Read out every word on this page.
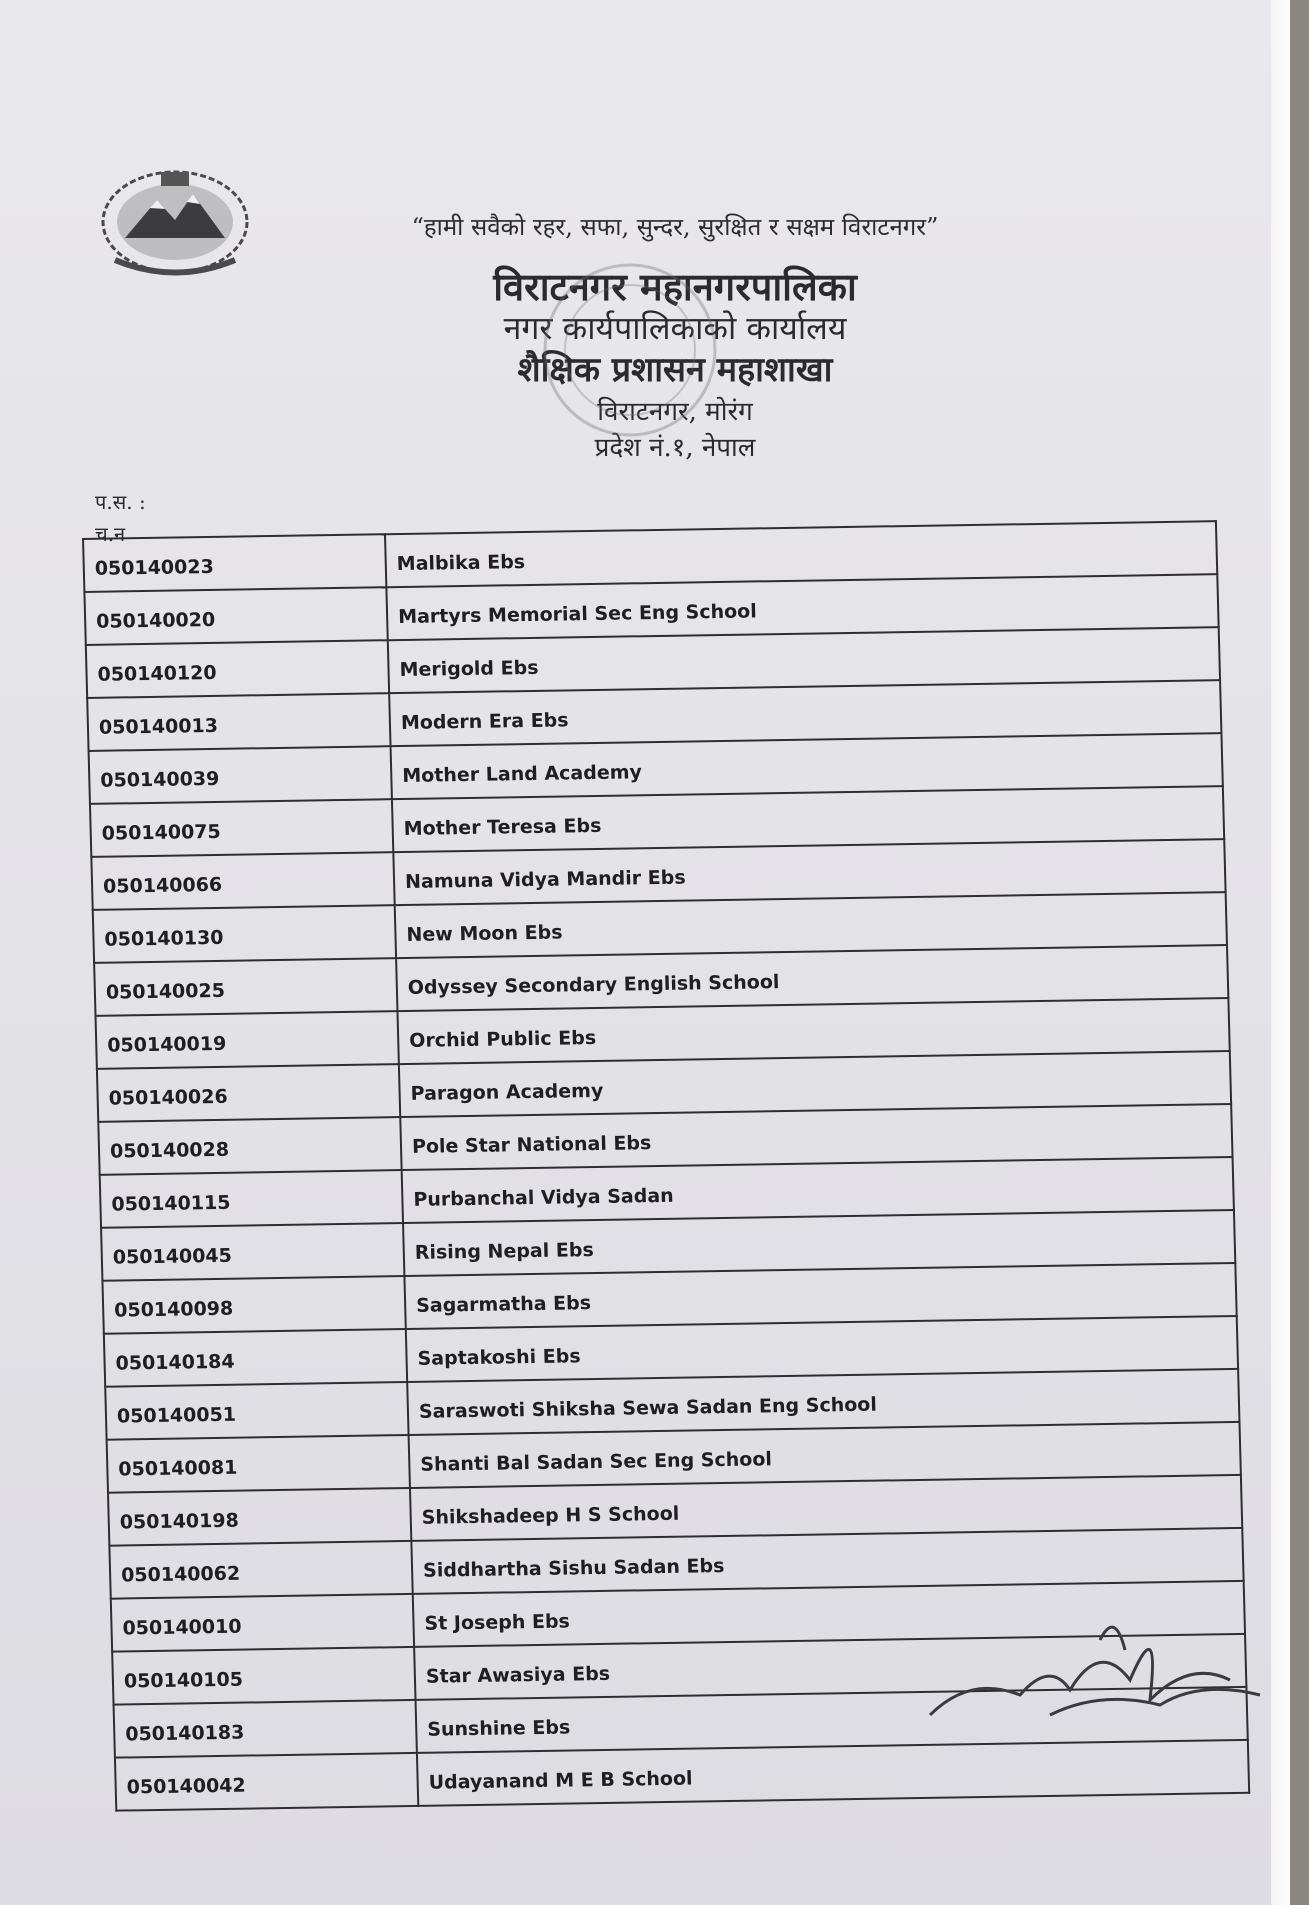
“हामी सवैको रहर, सफा, सुन्दर, सुरक्षित र सक्षम विराटनगर”
विराटनगर महानगरपालिका
नगर कार्यपालिकाको कार्यालय
शैक्षिक प्रशासन महाशाखा
विराटनगर, मोरंग
प्रदेश नं.१, नेपाल
प.स. :
च.न
050140023	Malbika Ebs
050140020	Martyrs Memorial Sec Eng School
050140120	Merigold Ebs
050140013	Modern Era Ebs
050140039	Mother Land Academy
050140075	Mother Teresa Ebs
050140066	Namuna Vidya Mandir Ebs
050140130	New Moon Ebs
050140025	Odyssey Secondary English School
050140019	Orchid Public Ebs
050140026	Paragon Academy
050140028	Pole Star National Ebs
050140115	Purbanchal Vidya Sadan
050140045	Rising Nepal Ebs
050140098	Sagarmatha Ebs
050140184	Saptakoshi Ebs
050140051	Saraswoti Shiksha Sewa Sadan Eng School
050140081	Shanti Bal Sadan Sec Eng School
050140198	Shikshadeep H S School
050140062	Siddhartha Sishu Sadan Ebs
050140010	St Joseph Ebs
050140105	Star Awasiya Ebs
050140183	Sunshine Ebs
050140042	Udayanand M E B School
